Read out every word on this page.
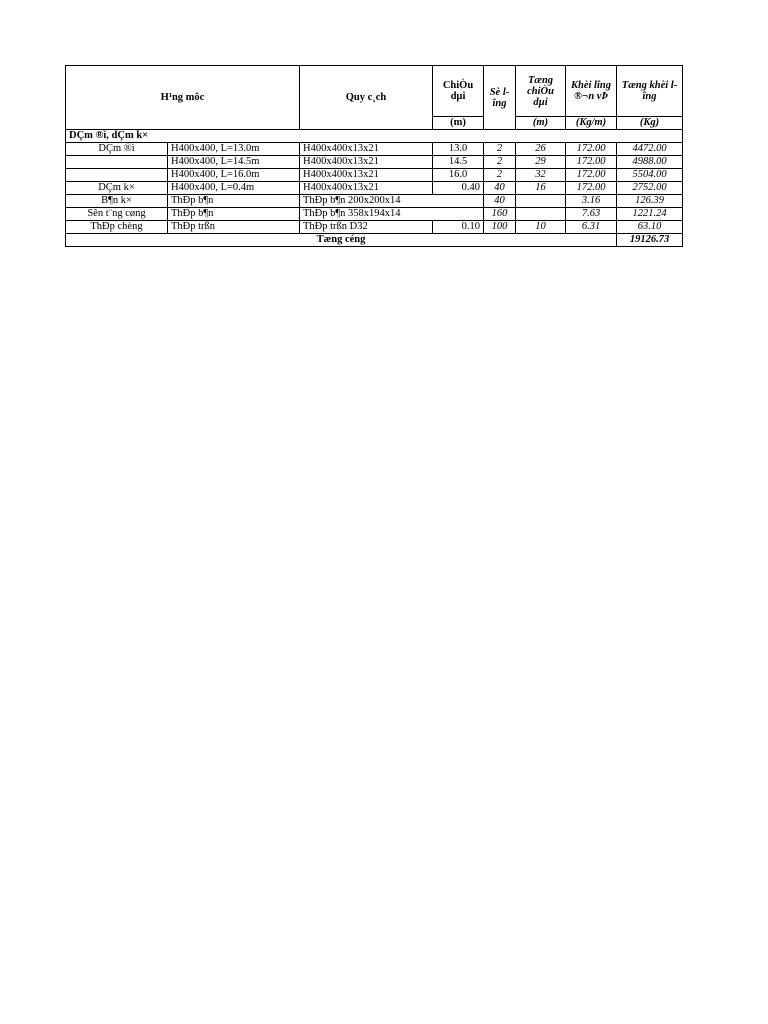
H¹ng môc		Quy c¸ch	ChiÒu dµi	Sè lîng	Tæng chiÒu dµi	Khèi lîng ®¬n vÞ	Tæng khèi lîng
			(m)		(m)	(Kg/m)	(Kg)
DÇm ®ì, dÇm k×							
DÇm ®ì	H400x400, L=13.0m	H400x400x13x21	13.0	2	26	172.00	4472.00
	H400x400, L=14.5m	H400x400x13x21	14.5	2	29	172.00	4988.00
	H400x400, L=16.0m	H400x400x13x21	16.0	2	32	172.00	5504.00
DÇm k×	H400x400, L=0.4m	H400x400x13x21	0.40	40	16	172.00	2752.00
B¶n k×	ThÐp b¶n	ThÐp b¶n 200x200x14		40		3.16	126.39
Sên t¨ng cøng	ThÐp b¶n	ThÐp b¶n 358x194x14		160		7.63	1221.24
ThÐp chèng	ThÐp trßn	ThÐp trßn D32	0.10	100	10	6.31	63.10
Tæng céng							19126.73
